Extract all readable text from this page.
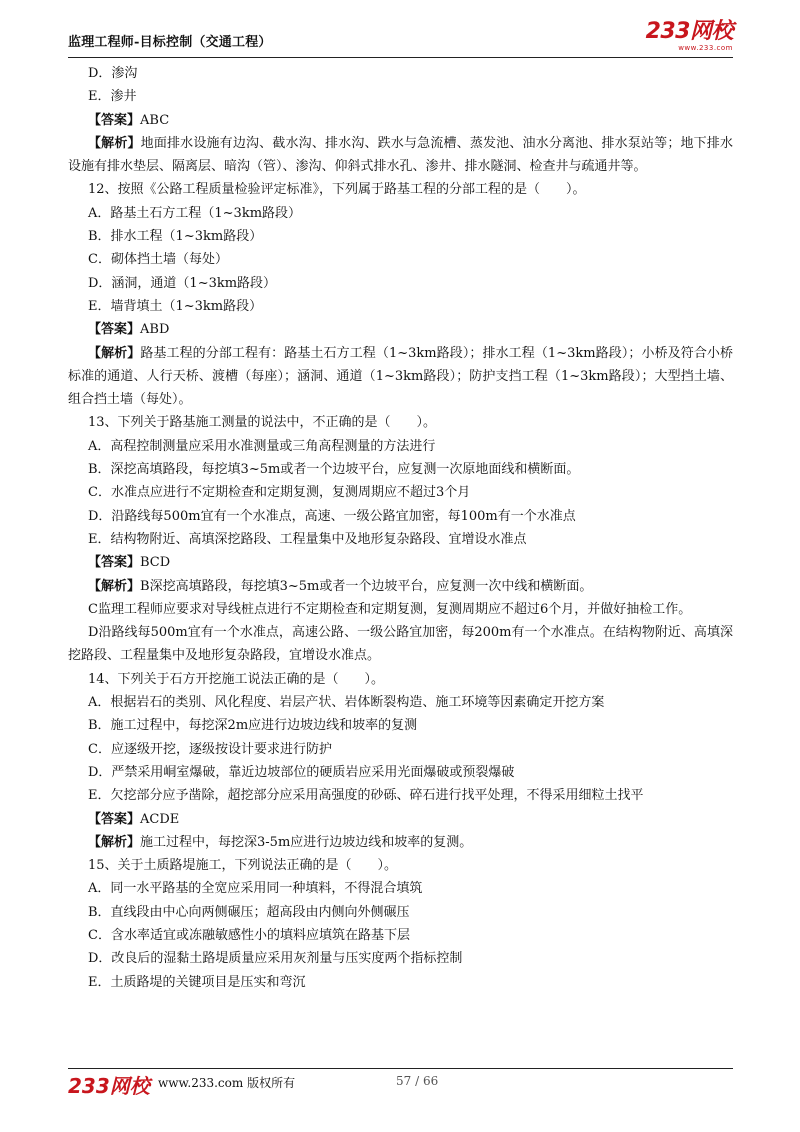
监理工程师-目标控制（交通工程）	233网校
www.233.com
D．渗沟
E．渗井
【答案】ABC
【解析】地面排水设施有边沟、截水沟、排水沟、跌水与急流槽、蒸发池、油水分离池、排水泵站等；地下排水设施有排水垫层、隔离层、暗沟（管）、渗沟、仰斜式排水孔、渗井、排水隧洞、检查井与疏通井等。
12、按照《公路工程质量检验评定标准》，下列属于路基工程的分部工程的是（　　）。
A．路基土石方工程（1~3km路段）
B．排水工程（1~3km路段）
C．砌体挡土墙（每处）
D．涵洞，通道（1~3km路段）
E．墙背填土（1~3km路段）
【答案】ABD
【解析】路基工程的分部工程有：路基土石方工程（1~3km路段）；排水工程（1~3km路段）；小桥及符合小桥标准的通道、人行天桥、渡槽（每座）；涵洞、通道（1~3km路段）；防护支挡工程（1~3km路段）；大型挡土墙、组合挡土墙（每处）。
13、下列关于路基施工测量的说法中，不正确的是（　　）。
A．高程控制测量应采用水准测量或三角高程测量的方法进行
B．深挖高填路段，每挖填3~5m或者一个边坡平台，应复测一次原地面线和横断面。
C．水准点应进行不定期检查和定期复测，复测周期应不超过3个月
D．沿路线每500m宜有一个水准点，高速、一级公路宜加密，每100m有一个水准点
E．结构物附近、高填深挖路段、工程量集中及地形复杂路段、宜增设水准点
【答案】BCD
【解析】B深挖高填路段，每挖填3~5m或者一个边坡平台，应复测一次中线和横断面。
C监理工程师应要求对导线桩点进行不定期检查和定期复测，复测周期应不超过6个月，并做好抽检工作。
D沿路线每500m宜有一个水准点，高速公路、一级公路宜加密，每200m有一个水准点。在结构物附近、高填深挖路段、工程量集中及地形复杂路段，宜增设水准点。
14、下列关于石方开挖施工说法正确的是（　　）。
A．根据岩石的类别、风化程度、岩层产状、岩体断裂构造、施工环境等因素确定开挖方案
B．施工过程中，每挖深2m应进行边坡边线和坡率的复测
C．应逐级开挖，逐级按设计要求进行防护
D．严禁采用峒室爆破，靠近边坡部位的硬质岩应采用光面爆破或预裂爆破
E．欠挖部分应予凿除，超挖部分应采用高强度的砂砾、碎石进行找平处理，不得采用细粒土找平
【答案】ACDE
【解析】施工过程中，每挖深3-5m应进行边坡边线和坡率的复测。
15、关于土质路堤施工，下列说法正确的是（　　）。
A．同一水平路基的全宽应采用同一种填料，不得混合填筑
B．直线段由中心向两侧碾压；超高段由内侧向外侧碾压
C．含水率适宜或冻融敏感性小的填料应填筑在路基下层
D．改良后的湿黏土路堤质量应采用灰剂量与压实度两个指标控制
E．土质路堤的关键项目是压实和弯沉
233网校 www.233.com 版权所有	57 / 66
